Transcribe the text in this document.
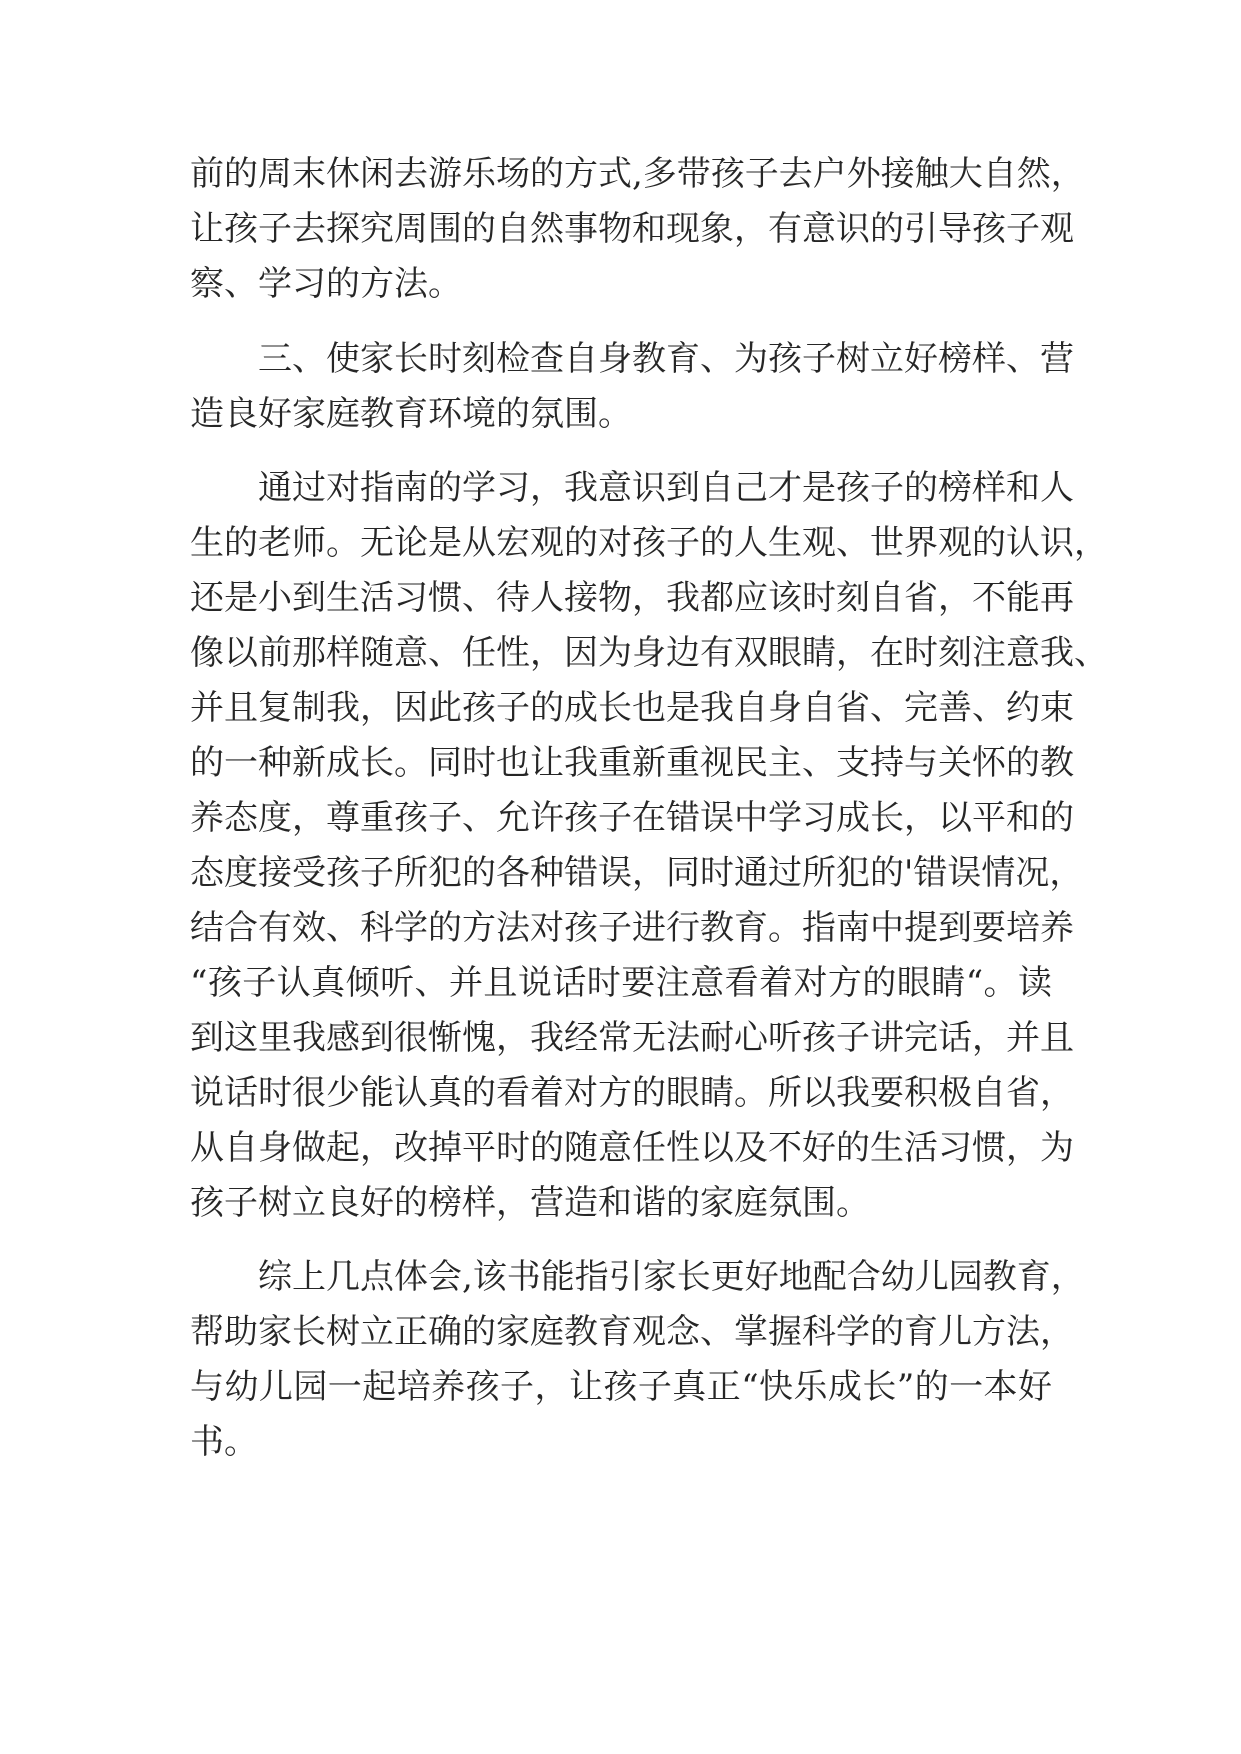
前的周末休闲去游乐场的方式,多带孩子去户外接触大自然，
让孩子去探究周围的自然事物和现象，有意识的引导孩子观
察、学习的方法。
三、使家长时刻检查自身教育、为孩子树立好榜样、营
造良好家庭教育环境的氛围。
通过对指南的学习，我意识到自己才是孩子的榜样和人
生的老师。无论是从宏观的对孩子的人生观、世界观的认识，
还是小到生活习惯、待人接物，我都应该时刻自省，不能再
像以前那样随意、任性，因为身边有双眼睛，在时刻注意我、
并且复制我，因此孩子的成长也是我自身自省、完善、约束
的一种新成长。同时也让我重新重视民主、支持与关怀的教
养态度，尊重孩子、允许孩子在错误中学习成长，以平和的
态度接受孩子所犯的各种错误，同时通过所犯的'错误情况，
结合有效、科学的方法对孩子进行教育。指南中提到要培养
“孩子认真倾听、并且说话时要注意看着对方的眼睛“。读
到这里我感到很惭愧，我经常无法耐心听孩子讲完话，并且
说话时很少能认真的看着对方的眼睛。所以我要积极自省，
从自身做起，改掉平时的随意任性以及不好的生活习惯，为
孩子树立良好的榜样，营造和谐的家庭氛围。
综上几点体会,该书能指引家长更好地配合幼儿园教育，
帮助家长树立正确的家庭教育观念、掌握科学的育儿方法，
与幼儿园一起培养孩子，让孩子真正“快乐成长”的一本好
书。
